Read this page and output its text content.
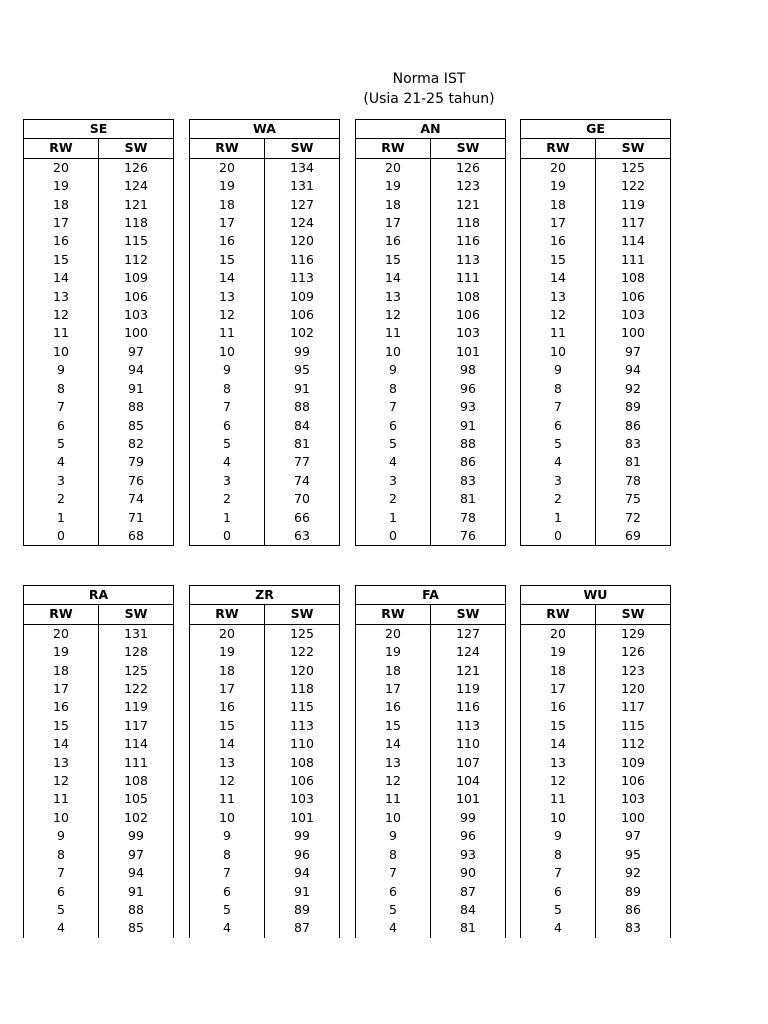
Norma IST
(Usia 21-25 tahun)
SE	
RW	SW
20	126
19	124
18	121
17	118
16	115
15	112
14	109
13	106
12	103
11	100
10	97
9	94
8	91
7	88
6	85
5	82
4	79
3	76
2	74
1	71
0	68
WA	
RW	SW
20	134
19	131
18	127
17	124
16	120
15	116
14	113
13	109
12	106
11	102
10	99
9	95
8	91
7	88
6	84
5	81
4	77
3	74
2	70
1	66
0	63
AN	
RW	SW
20	126
19	123
18	121
17	118
16	116
15	113
14	111
13	108
12	106
11	103
10	101
9	98
8	96
7	93
6	91
5	88
4	86
3	83
2	81
1	78
0	76
GE	
RW	SW
20	125
19	122
18	119
17	117
16	114
15	111
14	108
13	106
12	103
11	100
10	97
9	94
8	92
7	89
6	86
5	83
4	81
3	78
2	75
1	72
0	69
RA	
RW	SW
20	131
19	128
18	125
17	122
16	119
15	117
14	114
13	111
12	108
11	105
10	102
9	99
8	97
7	94
6	91
5	88
4	85
ZR	
RW	SW
20	125
19	122
18	120
17	118
16	115
15	113
14	110
13	108
12	106
11	103
10	101
9	99
8	96
7	94
6	91
5	89
4	87
FA	
RW	SW
20	127
19	124
18	121
17	119
16	116
15	113
14	110
13	107
12	104
11	101
10	99
9	96
8	93
7	90
6	87
5	84
4	81
WU	
RW	SW
20	129
19	126
18	123
17	120
16	117
15	115
14	112
13	109
12	106
11	103
10	100
9	97
8	95
7	92
6	89
5	86
4	83
